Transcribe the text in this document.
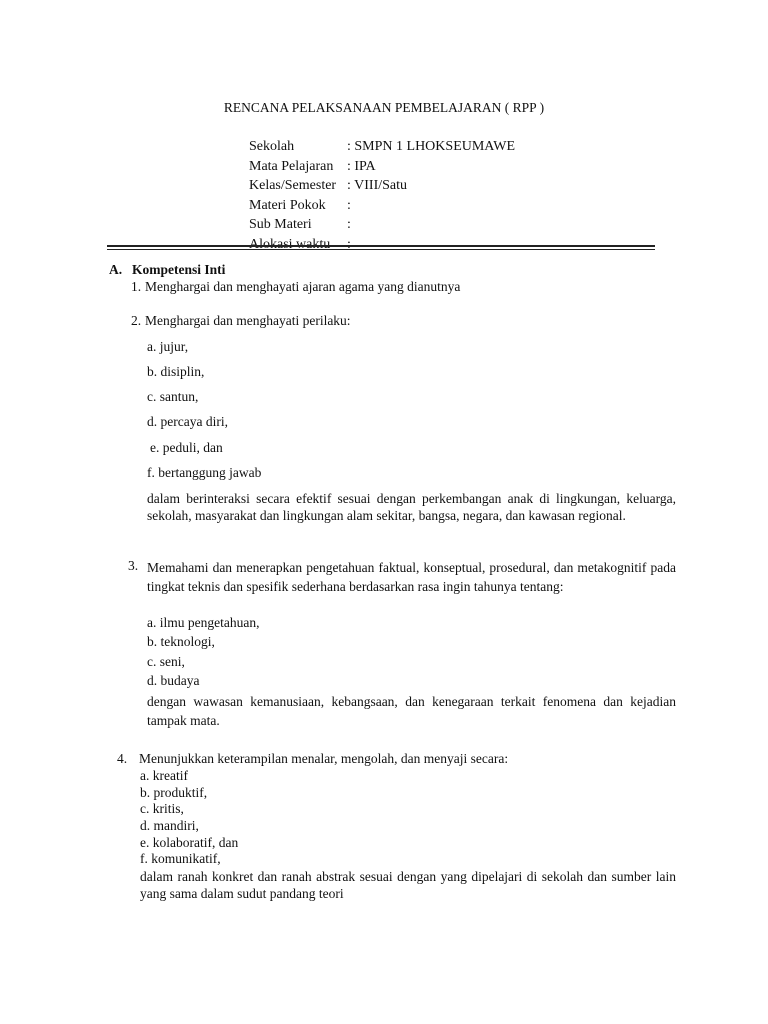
RENCANA PELAKSANAAN PEMBELAJARAN ( RPP )
Sekolah	: SMPN 1 LHOKSEUMAWE
Mata Pelajaran : IPA
Kelas/Semester : VIII/Satu
Materi Pokok :
Sub Materi	:
Alokasi waktu :
A. Kompetensi Inti
1. Menghargai dan menghayati ajaran agama yang dianutnya
2. Menghargai dan menghayati perilaku:
a. jujur,
b. disiplin,
c. santun,
d. percaya diri,
e. peduli, dan
f. bertanggung jawab
dalam berinteraksi secara efektif sesuai dengan perkembangan anak di lingkungan, keluarga, sekolah, masyarakat dan lingkungan alam sekitar, bangsa, negara, dan kawasan regional.
3. Memahami dan menerapkan pengetahuan faktual, konseptual, prosedural, dan metakognitif pada tingkat teknis dan spesifik sederhana berdasarkan rasa ingin tahunya tentang:
a. ilmu pengetahuan,
b. teknologi,
c. seni,
d. budaya
dengan wawasan kemanusiaan, kebangsaan, dan kenegaraan terkait fenomena dan kejadian tampak mata.
4. Menunjukkan keterampilan menalar, mengolah, dan menyaji secara:
a. kreatif
b. produktif,
c. kritis,
d. mandiri,
e. kolaboratif, dan
f. komunikatif,
dalam ranah konkret dan ranah abstrak sesuai dengan yang dipelajari di sekolah dan sumber lain yang sama dalam sudut pandang teori
